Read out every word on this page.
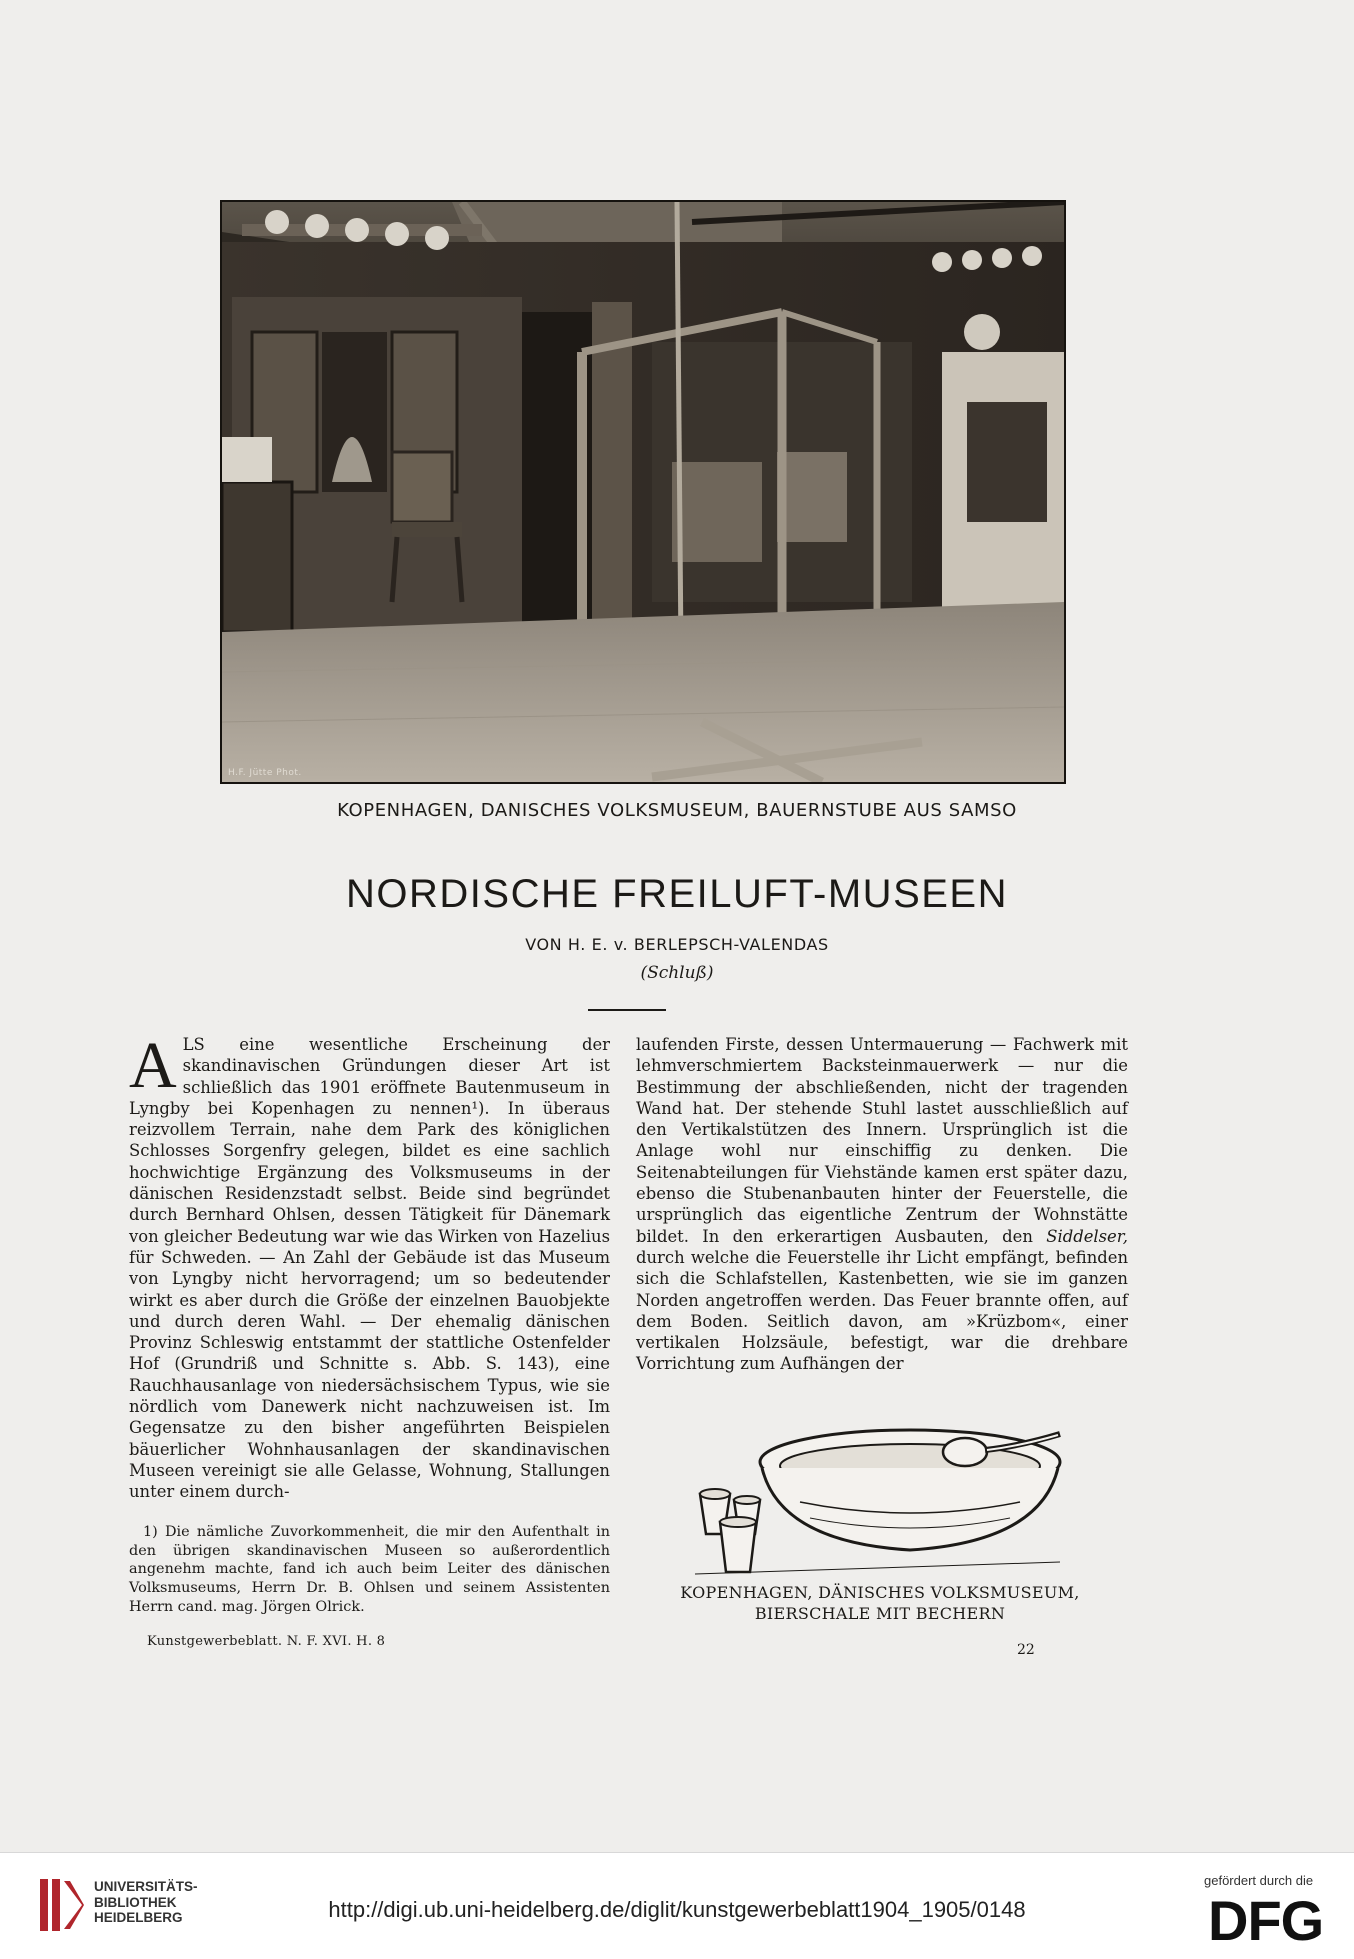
H.F. Jütte Phot.
KOPENHAGEN, DANISCHES VOLKSMUSEUM, BAUERNSTUBE AUS SAMSO
NORDISCHE FREILUFT-MUSEEN
VON H. E. v. BERLEPSCH-VALENDAS
(Schluß)
A LS eine wesentliche Erscheinung der skandinavischen Gründungen dieser Art ist schließlich das 1901 eröffnete Bautenmuseum in Lyngby bei Kopenhagen zu nennen¹). In überaus reizvollem Terrain, nahe dem Park des königlichen Schlosses Sorgenfry gelegen, bildet es eine sachlich hochwichtige Ergänzung des Volksmuseums in der dänischen Residenzstadt selbst. Beide sind begründet durch Bernhard Ohlsen, dessen Tätigkeit für Dänemark von gleicher Bedeutung war wie das Wirken von Hazelius für Schweden. — An Zahl der Gebäude ist das Museum von Lyngby nicht hervorragend; um so bedeutender wirkt es aber durch die Größe der einzelnen Bauobjekte und durch deren Wahl. — Der ehemalig dänischen Provinz Schleswig entstammt der stattliche Ostenfelder Hof (Grundriß und Schnitte s. Abb. S. 143), eine Rauchhausanlage von niedersächsischem Typus, wie sie nördlich vom Danewerk nicht nachzuweisen ist. Im Gegensatze zu den bisher angeführten Beispielen bäuerlicher Wohnhausanlagen der skandinavischen Museen vereinigt sie alle Gelasse, Wohnung, Stallungen unter einem durch-
laufenden Firste, dessen Untermauerung — Fachwerk mit lehmverschmiertem Backsteinmauerwerk — nur die Bestimmung der abschließenden, nicht der tragenden Wand hat. Der stehende Stuhl lastet ausschließlich auf den Vertikalstützen des Innern. Ursprünglich ist die Anlage wohl nur einschiffig zu denken. Die Seitenabteilungen für Viehstände kamen erst später dazu, ebenso die Stubenanbauten hinter der Feuerstelle, die ursprünglich das eigentliche Zentrum der Wohnstätte bildet. In den erkerartigen Ausbauten, den Siddelser, durch welche die Feuerstelle ihr Licht empfängt, befinden sich die Schlafstellen, Kastenbetten, wie sie im ganzen Norden angetroffen werden. Das Feuer brannte offen, auf dem Boden. Seitlich davon, am »Krüzbom«, einer vertikalen Holzsäule, befestigt, war die drehbare Vorrichtung zum Aufhängen der
KOPENHAGEN, DÄNISCHES VOLKSMUSEUM,
BIERSCHALE MIT BECHERN
1) Die nämliche Zuvorkommenheit, die mir den Aufenthalt in den übrigen skandinavischen Museen so außerordentlich angenehm machte, fand ich auch beim Leiter des dänischen Volksmuseums, Herrn Dr. B. Ohlsen und seinem Assistenten Herrn cand. mag. Jörgen Olrick.
Kunstgewerbeblatt. N. F. XVI. H. 8
22
UNIVERSITÄTS-
BIBLIOTHEK
HEIDELBERG	http://digi.ub.uni-heidelberg.de/diglit/kunstgewerbeblatt1904_1905/0148
gefördert durch die
DFG
